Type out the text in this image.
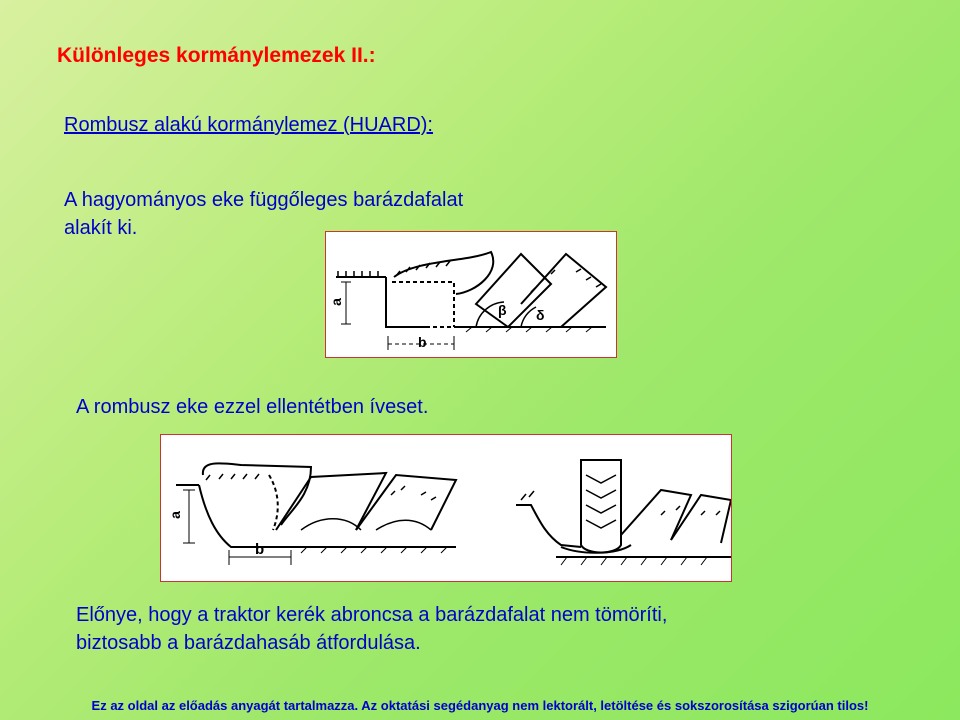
Különleges kormánylemezek II.:
Rombusz alakú kormánylemez (HUARD):
A hagyományos eke függőleges barázdafalat
alakít ki.
a
b
β δ
A rombusz eke ezzel ellentétben íveset.
a
b
Előnye, hogy a traktor kerék abroncsa a barázdafalat nem tömöríti,
biztosabb a barázdahasáb átfordulása.
Ez az oldal az előadás anyagát tartalmazza. Az oktatási segédanyag nem lektorált, letöltése és sokszorosítása szigorúan tilos!
